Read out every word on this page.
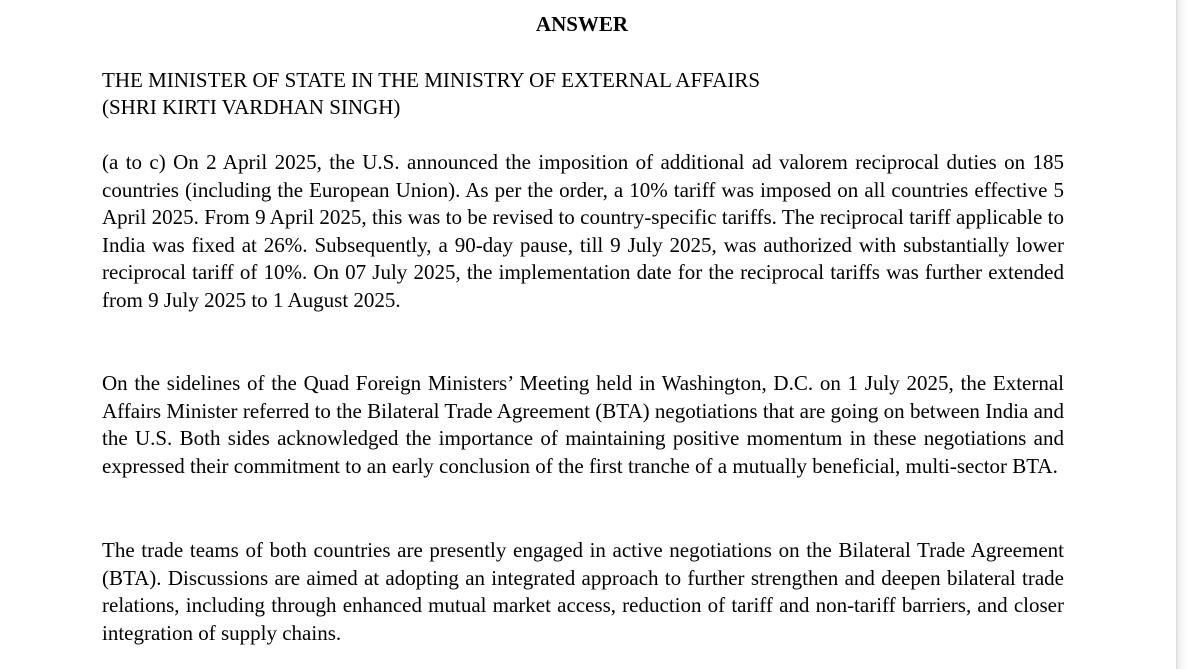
ANSWER
THE MINISTER OF STATE IN THE MINISTRY OF EXTERNAL AFFAIRS
(SHRI KIRTI VARDHAN SINGH)

(a to c) On 2 April 2025, the U.S. announced the imposition of additional ad valorem reciprocal duties on 185 countries (including the European Union). As per the order, a 10% tariff was imposed on all countries effective 5 April 2025. From 9 April 2025, this was to be revised to country-specific tariffs. The reciprocal tariff applicable to India was fixed at 26%. Subsequently, a 90-day pause, till 9 July 2025, was authorized with substantially lower reciprocal tariff of 10%. On 07 July 2025, the implementation date for the reciprocal tariffs was further extended from 9 July 2025 to 1 August 2025.

On the sidelines of the Quad Foreign Ministers’ Meeting held in Washington, D.C. on 1 July 2025, the External Affairs Minister referred to the Bilateral Trade Agreement (BTA) negotiations that are going on between India and the U.S. Both sides acknowledged the importance of maintaining positive momentum in these negotiations and expressed their commitment to an early conclusion of the first tranche of a mutually beneficial, multi-sector BTA.

The trade teams of both countries are presently engaged in active negotiations on the Bilateral Trade Agreement (BTA). Discussions are aimed at adopting an integrated approach to further strengthen and deepen bilateral trade relations, including through enhanced mutual market access, reduction of tariff and non-tariff barriers, and closer integration of supply chains.
